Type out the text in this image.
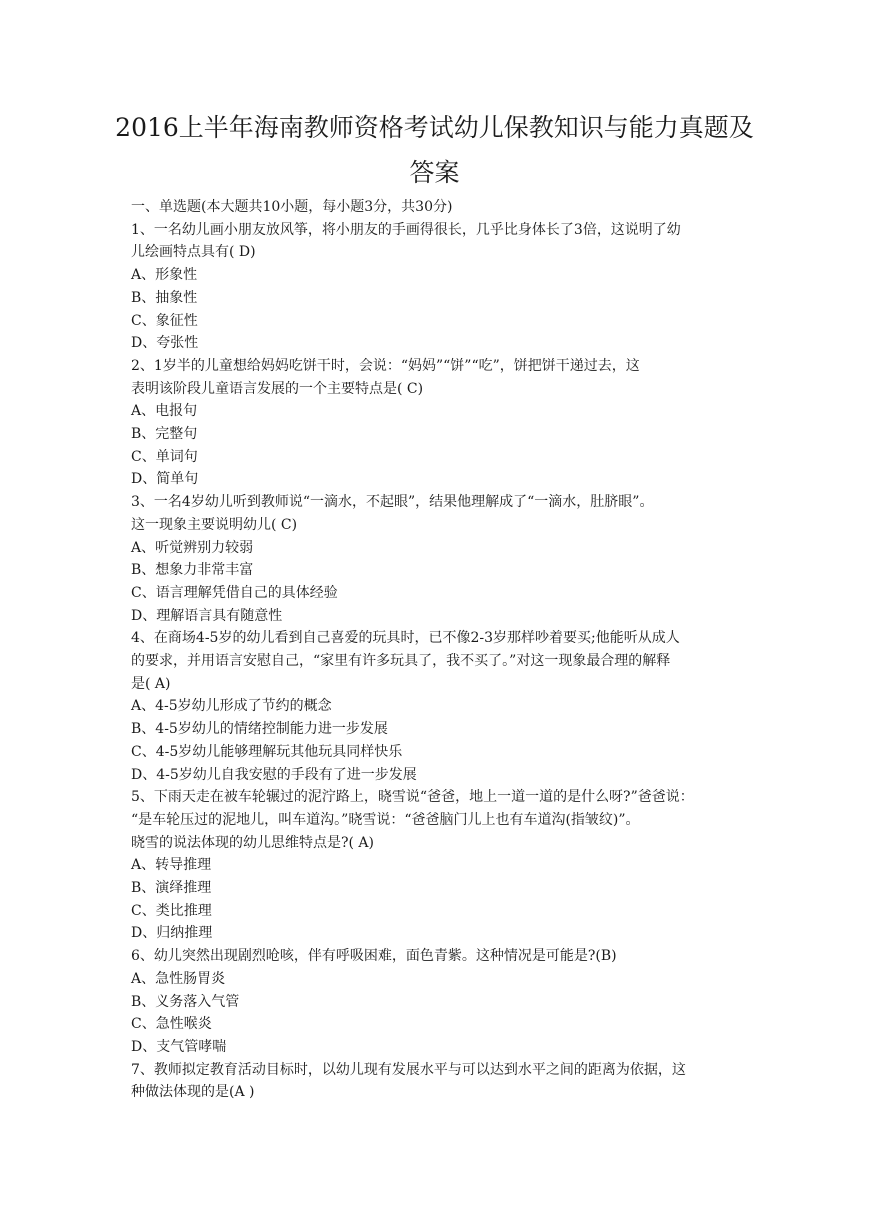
2016上半年海南教师资格考试幼儿保教知识与能力真题及
答案
一、单选题(本大题共10小题，每小题3分，共30分)
1、一名幼儿画小朋友放风筝，将小朋友的手画得很长，几乎比身体长了3倍，这说明了幼
儿绘画特点具有( D)
A、形象性
B、抽象性
C、象征性
D、夸张性
2、1岁半的儿童想给妈妈吃饼干时，会说：“妈妈”“饼”“吃”，饼把饼干递过去，这
表明该阶段儿童语言发展的一个主要特点是( C)
A、电报句
B、完整句
C、单词句
D、简单句
3、一名4岁幼儿听到教师说“一滴水，不起眼”，结果他理解成了“一滴水，肚脐眼”。
这一现象主要说明幼儿( C)
A、听觉辨别力较弱
B、想象力非常丰富
C、语言理解凭借自己的具体经验
D、理解语言具有随意性
4、在商场4-5岁的幼儿看到自己喜爱的玩具时，已不像2-3岁那样吵着要买;他能听从成人
的要求，并用语言安慰自己，“家里有许多玩具了，我不买了。”对这一现象最合理的解释
是( A)
A、4-5岁幼儿形成了节约的概念
B、4-5岁幼儿的情绪控制能力进一步发展
C、4-5岁幼儿能够理解玩其他玩具同样快乐
D、4-5岁幼儿自我安慰的手段有了进一步发展
5、下雨天走在被车轮辗过的泥泞路上，晓雪说“爸爸，地上一道一道的是什么呀?”爸爸说：
“是车轮压过的泥地儿，叫车道沟。”晓雪说：“爸爸脑门儿上也有车道沟(指皱纹)”。
晓雪的说法体现的幼儿思维特点是?( A)
A、转导推理
B、演绎推理
C、类比推理
D、归纳推理
6、幼儿突然出现剧烈呛咳，伴有呼吸困难，面色青紫。这种情况是可能是?(B)
A、急性肠胃炎
B、义务落入气管
C、急性喉炎
D、支气管哮喘
7、教师拟定教育活动目标时，以幼儿现有发展水平与可以达到水平之间的距离为依据，这
种做法体现的是(A )
